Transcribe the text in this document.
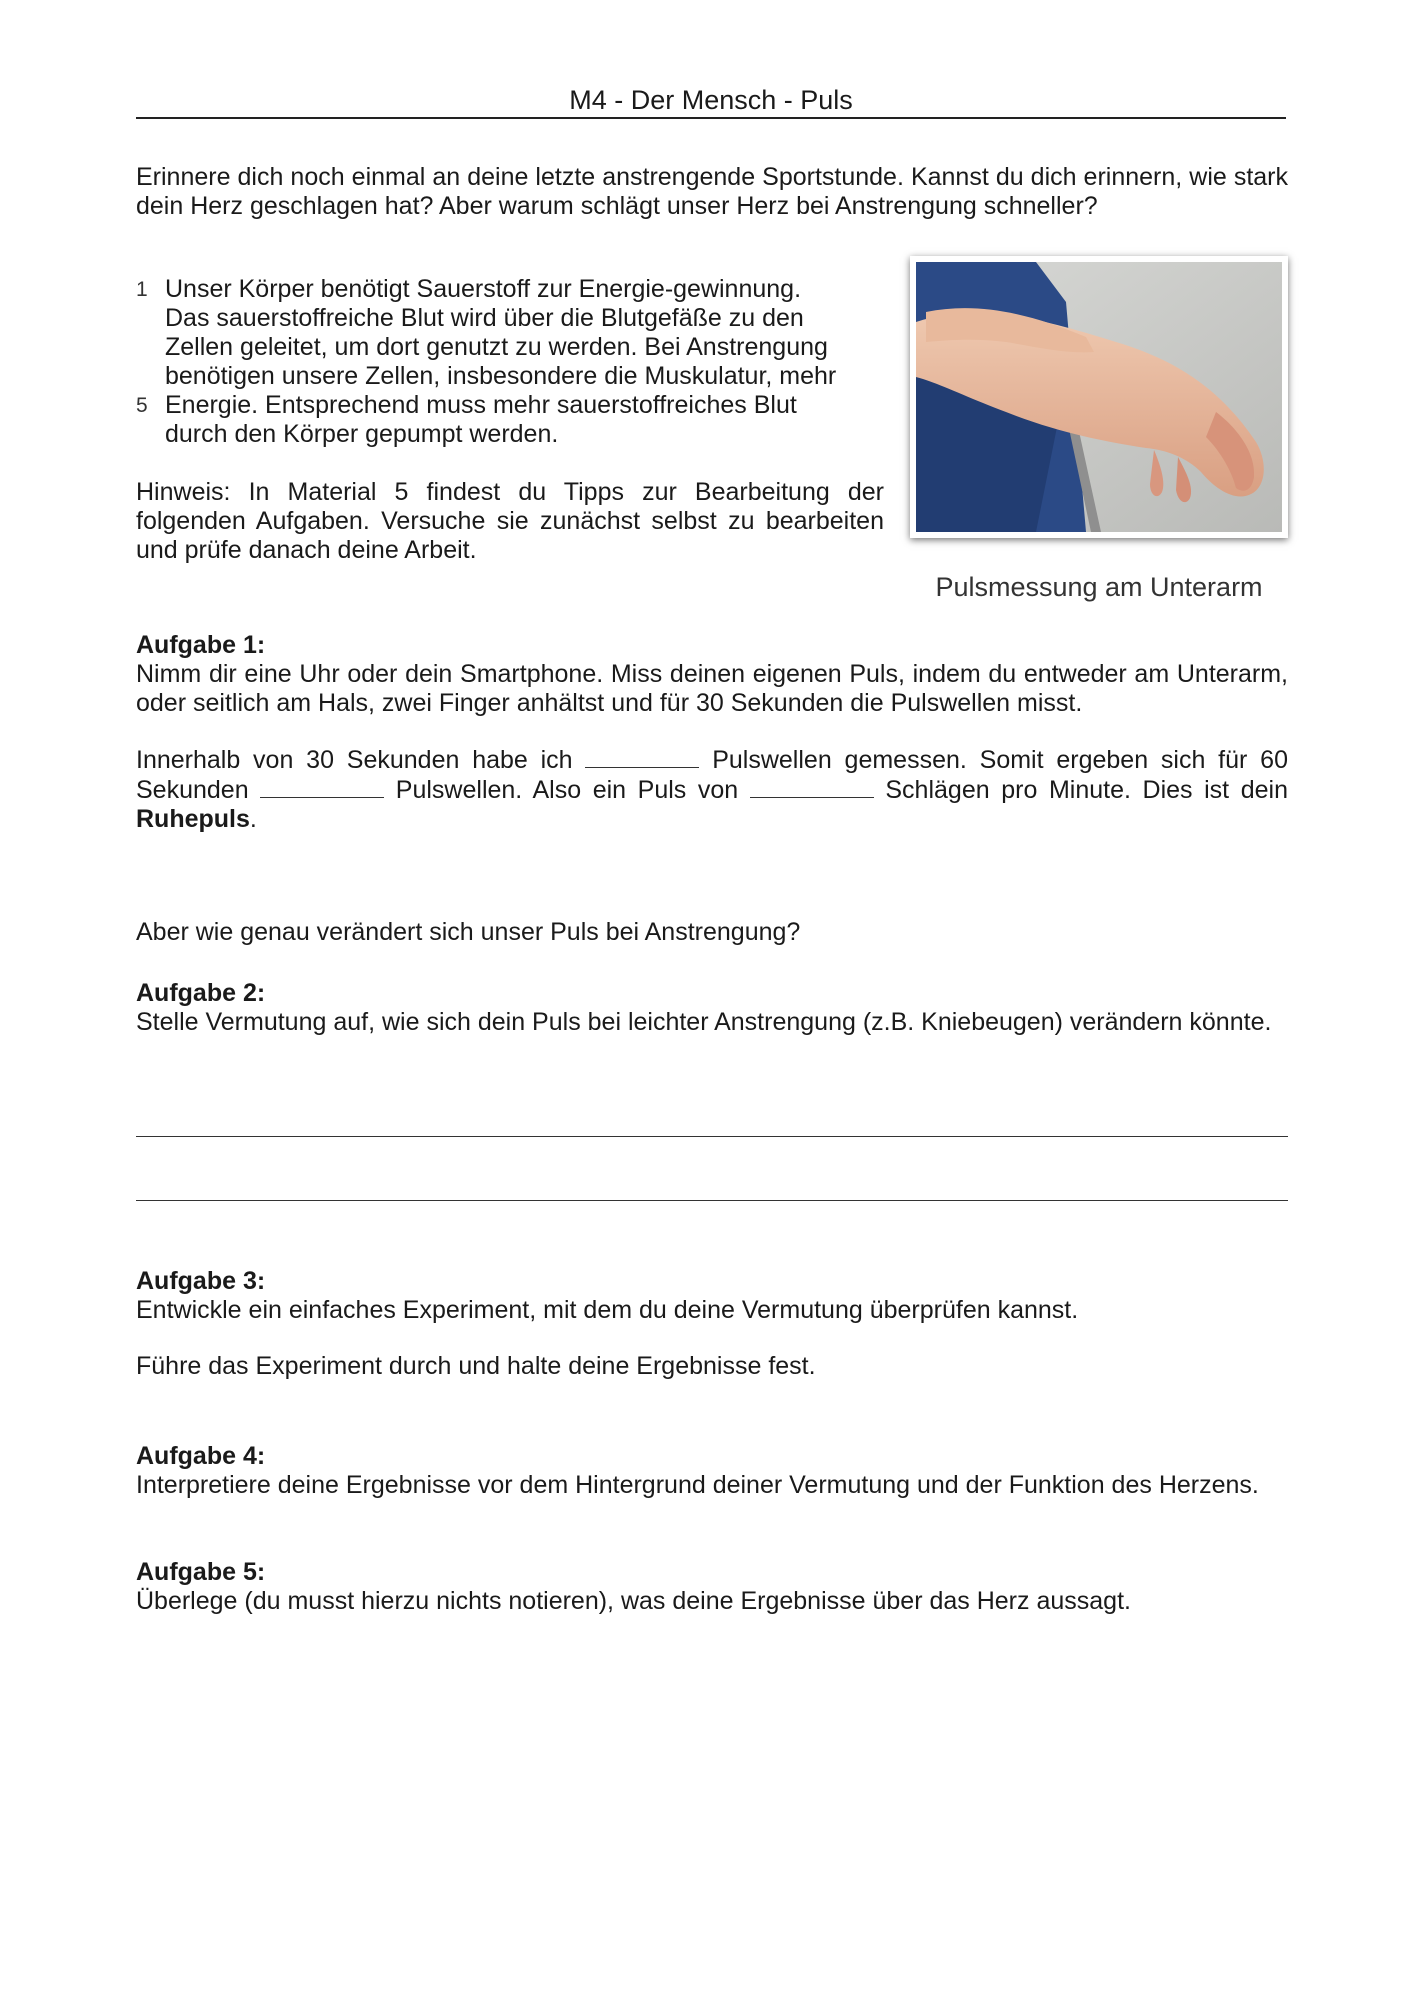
M4 - Der Mensch - Puls
Erinnere dich noch einmal an deine letzte anstrengende Sportstunde. Kannst du dich erinnern, wie stark dein Herz geschlagen hat? Aber warum schlägt unser Herz bei Anstrengung schneller?
1 Unser Körper benötigt Sauerstoff zur Energie-gewinnung.
Das sauerstoffreiche Blut wird über die Blutgefäße zu den
Zellen geleitet, um dort genutzt zu werden. Bei Anstrengung
benötigen unsere Zellen, insbesondere die Muskulatur, mehr
5 Energie. Entsprechend muss mehr sauerstoffreiches Blut
durch den Körper gepumpt werden.
Hinweis: In Material 5 findest du Tipps zur Bearbeitung der folgenden Aufgaben. Versuche sie zunächst selbst zu bearbeiten und prüfe danach deine Arbeit.
Pulsmessung am Unterarm
Aufgabe 1:
Nimm dir eine Uhr oder dein Smartphone. Miss deinen eigenen Puls, indem du entweder am Unterarm, oder seitlich am Hals, zwei Finger anhältst und für 30 Sekunden die Pulswellen misst.
Innerhalb von 30 Sekunden habe ich	Pulswellen gemessen. Somit ergeben sich für 60 Sekunden	Pulswellen. Also ein Puls von	Schlägen pro Minute. Dies ist dein Ruhepuls.
Aber wie genau verändert sich unser Puls bei Anstrengung?
Aufgabe 2:
Stelle Vermutung auf, wie sich dein Puls bei leichter Anstrengung (z.B. Kniebeugen) verändern könnte.
Aufgabe 3:
Entwickle ein einfaches Experiment, mit dem du deine Vermutung überprüfen kannst.
Führe das Experiment durch und halte deine Ergebnisse fest.
Aufgabe 4:
Interpretiere deine Ergebnisse vor dem Hintergrund deiner Vermutung und der Funktion des Herzens.
Aufgabe 5:
Überlege (du musst hierzu nichts notieren), was deine Ergebnisse über das Herz aussagt.
